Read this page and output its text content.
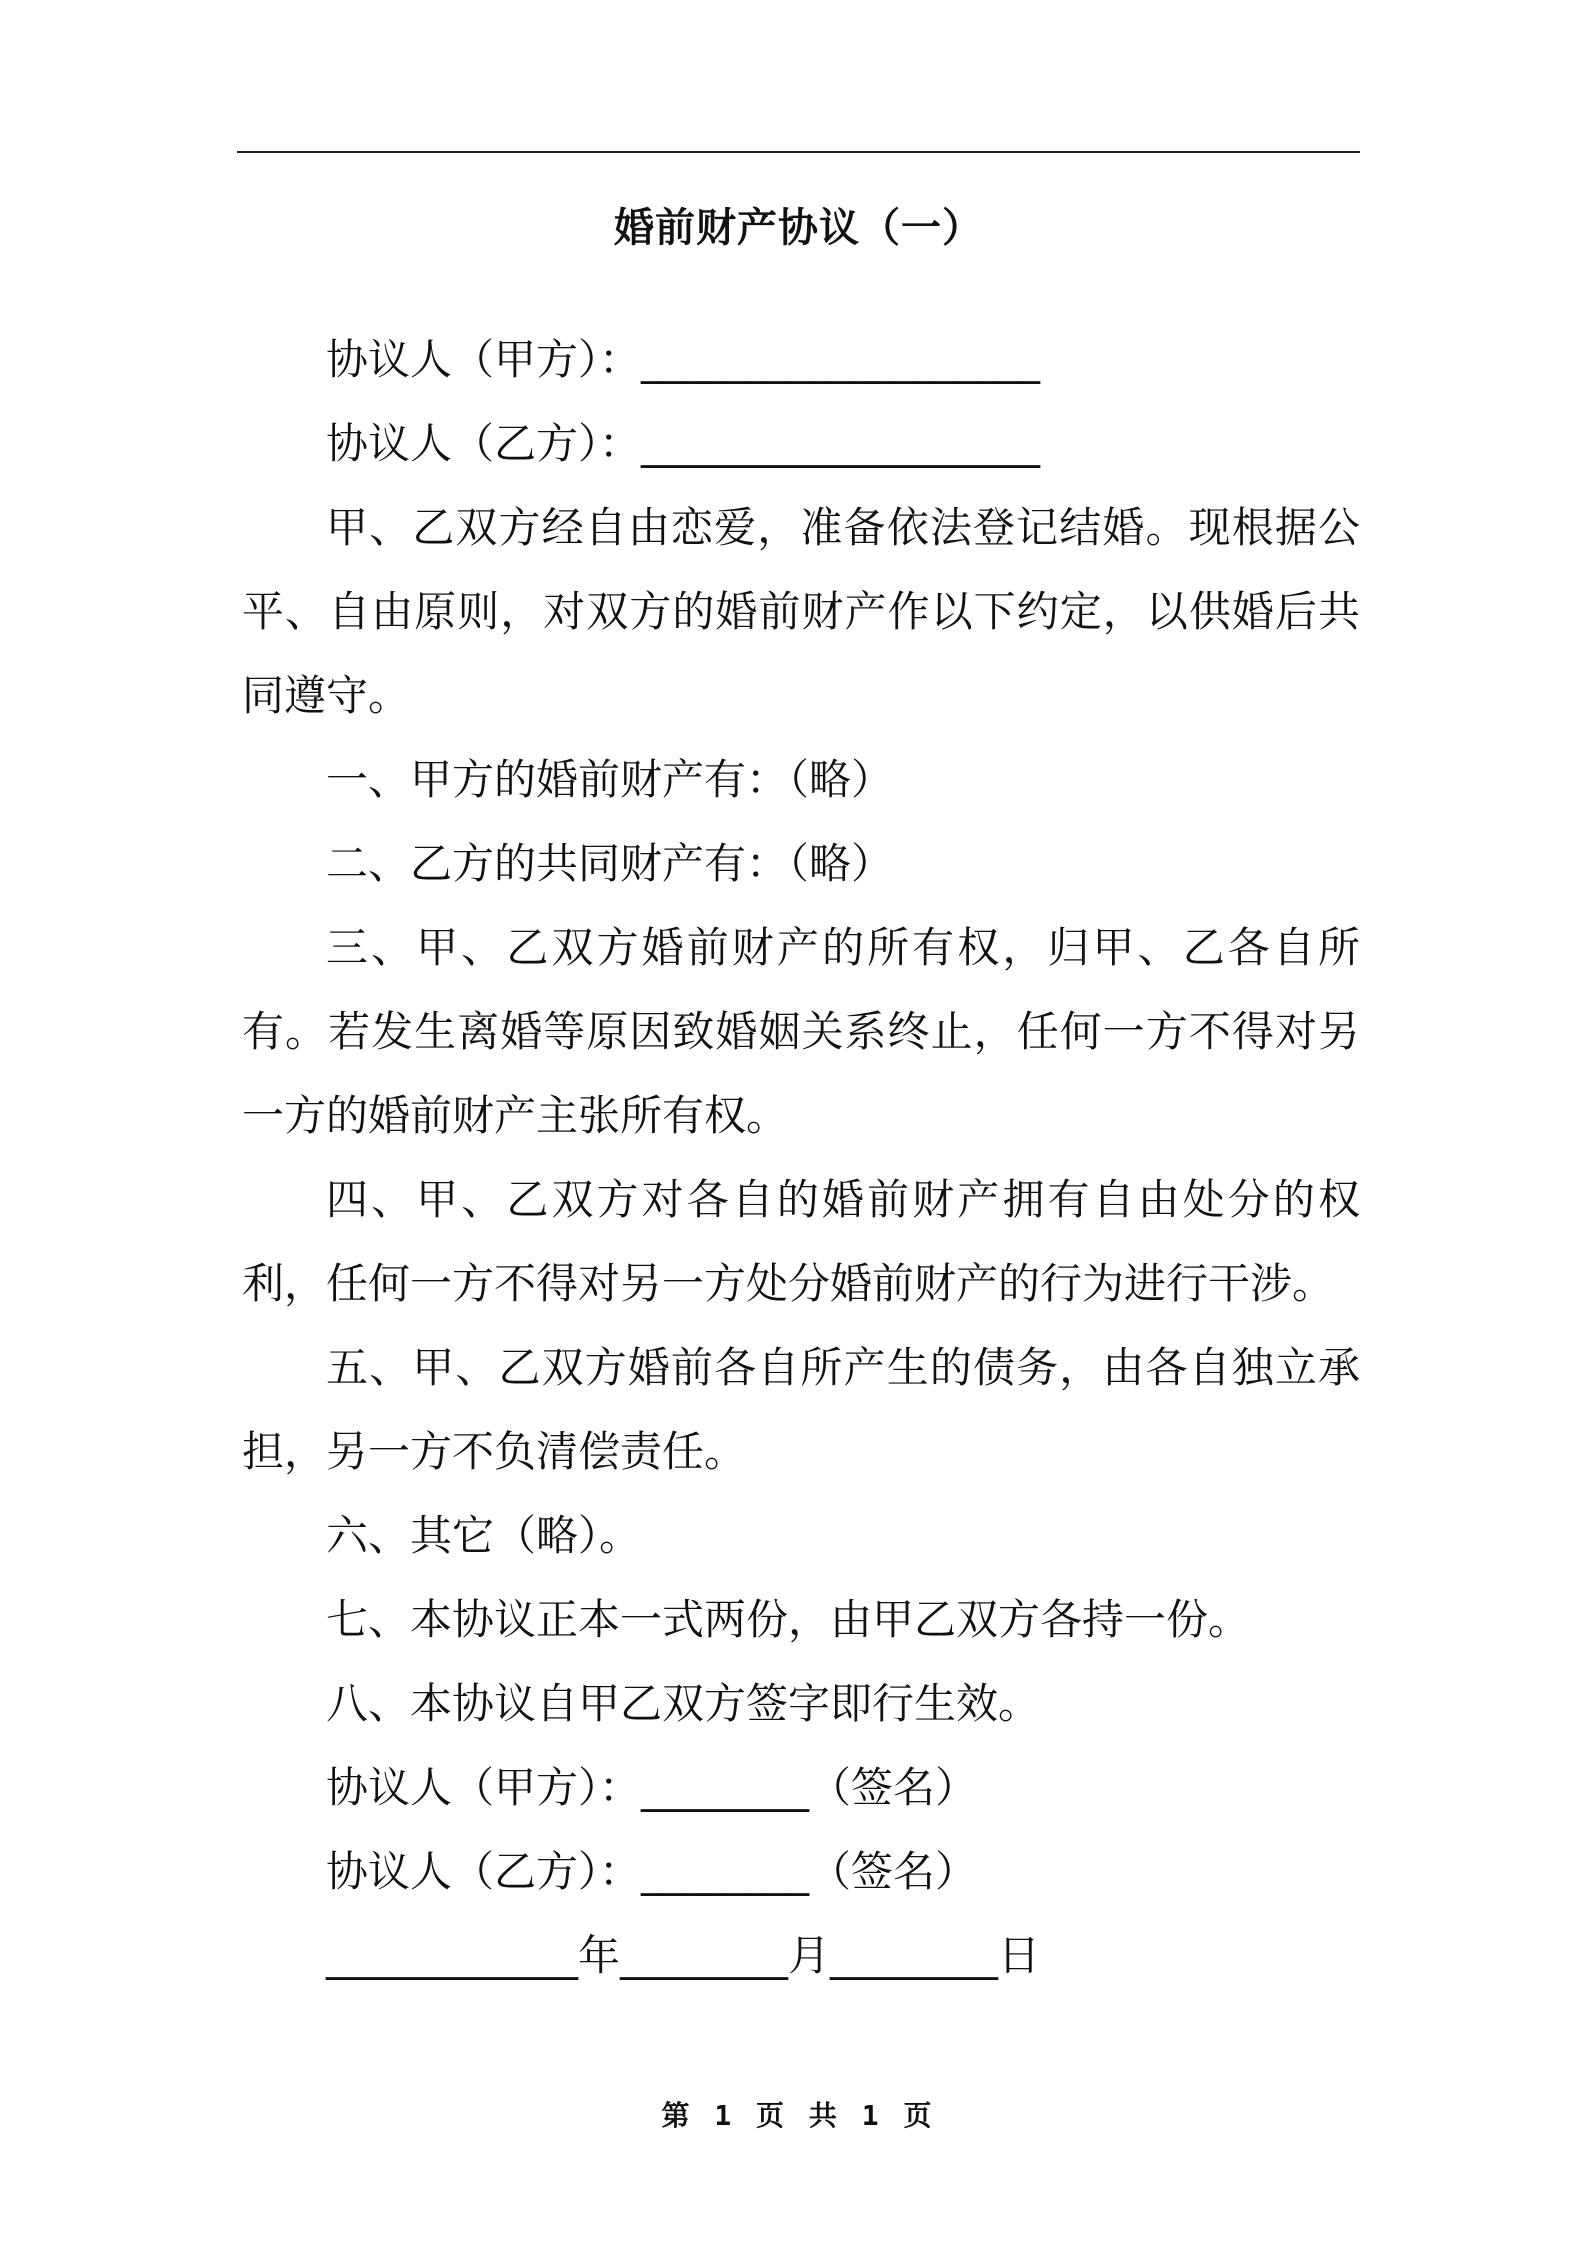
婚前财产协议（一）

协议人（甲方）：___________________

协议人（乙方）：___________________

甲、乙双方经自由恋爱，准备依法登记结婚。现根据公平、自由原则，对双方的婚前财产作以下约定，以供婚后共同遵守。

一、甲方的婚前财产有：（略）

二、乙方的共同财产有：（略）

三、甲、乙双方婚前财产的所有权，归甲、乙各自所有。若发生离婚等原因致婚姻关系终止，任何一方不得对另一方的婚前财产主张所有权。

四、甲、乙双方对各自的婚前财产拥有自由处分的权利，任何一方不得对另一方处分婚前财产的行为进行干涉。

五、甲、乙双方婚前各自所产生的债务，由各自独立承担，另一方不负清偿责任。

六、其它（略）。

七、本协议正本一式两份，由甲乙双方各持一份。

八、本协议自甲乙双方签字即行生效。

协议人（甲方）：________（签名）

协议人（乙方）：________（签名）

____________年________月________日

第 1 页 共 1 页
